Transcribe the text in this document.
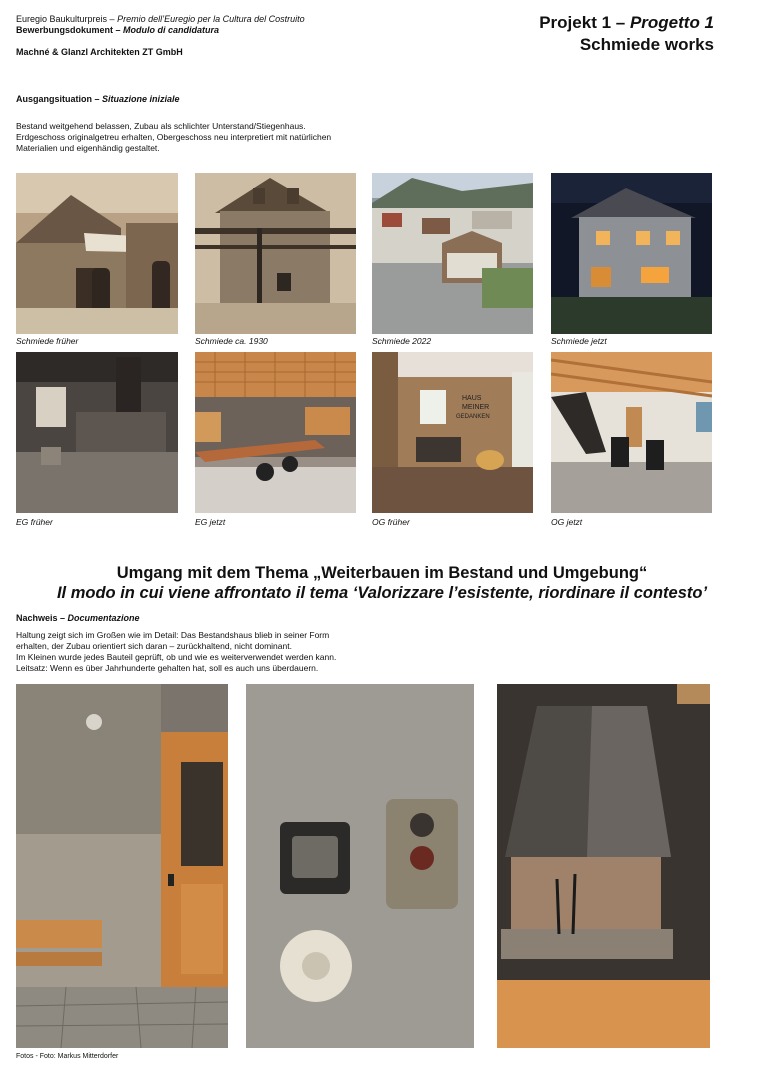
Euregio Baukulturpreis – Premio dell’Euregio per la Cultura del Costruito
Bewerbungsdokument – Modulo di candidatura
Machné & Glanzl Architekten ZT GmbH
Projekt 1 – Progetto 1
Schmiede works
Ausgangsituation – Situazione iniziale
Bestand weitgehend belassen, Zubau als schlichter Unterstand/Stiegenhaus.
Erdgeschoss originalgetreu erhalten, Obergeschoss neu interpretiert mit natürlichen
Materialien und eigenhändig gestaltet.
Schmiede früher	Schmiede ca. 1930	Schmiede 2022	Schmiede jetzt
HAUS
MEINER
GEDANKEN
EG früher	EG jetzt	OG früher	OG jetzt
Umgang mit dem Thema „Weiterbauen im Bestand und Umgebung“
Il modo in cui viene affrontato il tema ‘Valorizzare l’esistente, riordinare il contesto’
Nachweis – Documentazione
Haltung zeigt sich im Großen wie im Detail: Das Bestandshaus blieb in seiner Form
erhalten, der Zubau orientiert sich daran – zurückhaltend, nicht dominant.
Im Kleinen wurde jedes Bauteil geprüft, ob und wie es weiterverwendet werden kann.
Leitsatz: Wenn es über Jahrhunderte gehalten hat, soll es auch uns überdauern.
Fotos - Foto: Markus Mitterdorfer
